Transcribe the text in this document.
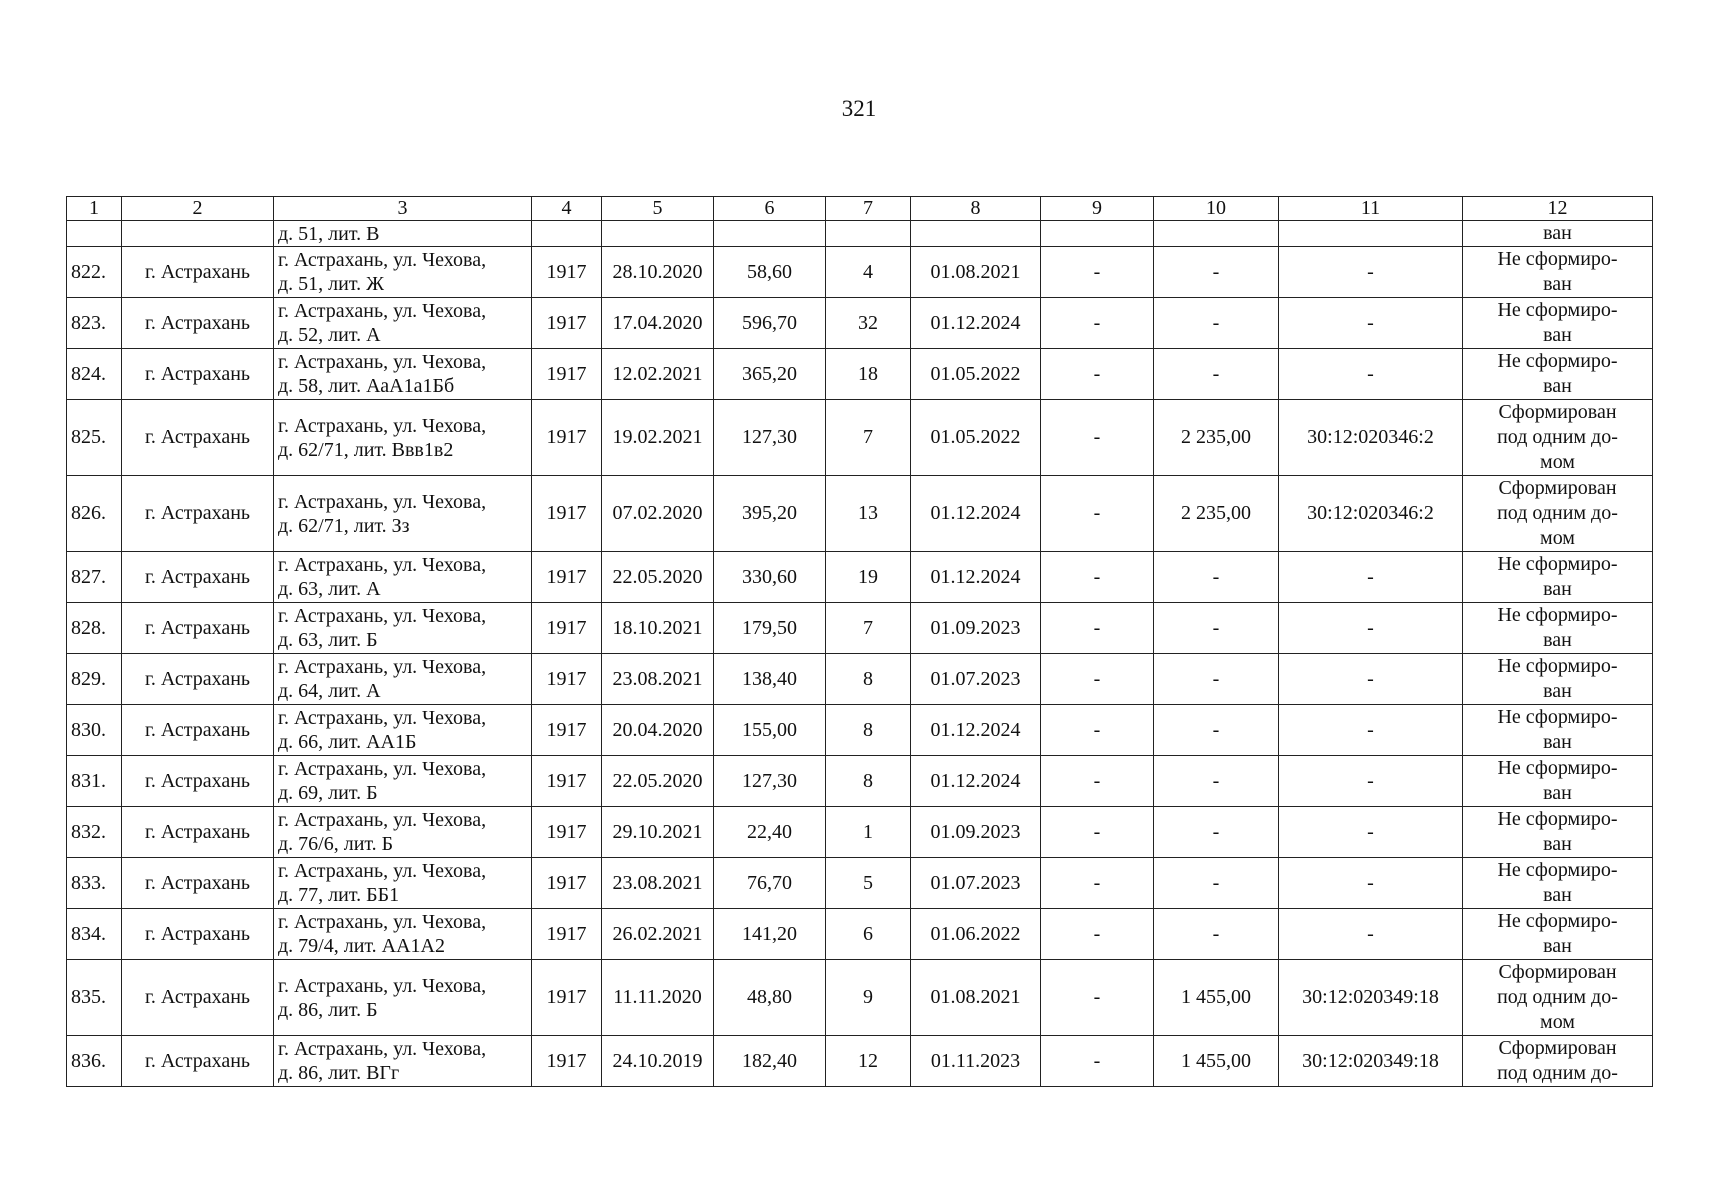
321
1	2	3	4	5	6	7	8	9	10	11	12
		д. 51, лит. В									ван
822.	г. Астрахань	г. Астрахань, ул. Чехова,
д. 51, лит. Ж	1917	28.10.2020	58,60	4	01.08.2021	-	-	-	Не сформиро-
ван

823.	г. Астрахань	г. Астрахань, ул. Чехова,
д. 52, лит. А	1917	17.04.2020	596,70	32	01.12.2024	-	-	-	Не сформиро-
ван

824.	г. Астрахань	г. Астрахань, ул. Чехова,
д. 58, лит. АаА1а1Бб	1917	12.02.2021	365,20	18	01.05.2022	-	-	-	Не сформиро-
ван

825.	г. Астрахань	г. Астрахань, ул. Чехова,
д. 62/71, лит. Ввв1в2	1917	19.02.2021	127,30	7	01.05.2022	-	2 235,00	30:12:020346:2	Сформирован
под одним до-
мом

826.	г. Астрахань	г. Астрахань, ул. Чехова,
д. 62/71, лит. Зз	1917	07.02.2020	395,20	13	01.12.2024	-	2 235,00	30:12:020346:2	Сформирован
под одним до-
мом

827.	г. Астрахань	г. Астрахань, ул. Чехова,
д. 63, лит. А	1917	22.05.2020	330,60	19	01.12.2024	-	-	-	Не сформиро-
ван

828.	г. Астрахань	г. Астрахань, ул. Чехова,
д. 63, лит. Б	1917	18.10.2021	179,50	7	01.09.2023	-	-	-	Не сформиро-
ван

829.	г. Астрахань	г. Астрахань, ул. Чехова,
д. 64, лит. А	1917	23.08.2021	138,40	8	01.07.2023	-	-	-	Не сформиро-
ван

830.	г. Астрахань	г. Астрахань, ул. Чехова,
д. 66, лит. АА1Б	1917	20.04.2020	155,00	8	01.12.2024	-	-	-	Не сформиро-
ван

831.	г. Астрахань	г. Астрахань, ул. Чехова,
д. 69, лит. Б	1917	22.05.2020	127,30	8	01.12.2024	-	-	-	Не сформиро-
ван

832.	г. Астрахань	г. Астрахань, ул. Чехова,
д. 76/6, лит. Б	1917	29.10.2021	22,40	1	01.09.2023	-	-	-	Не сформиро-
ван

833.	г. Астрахань	г. Астрахань, ул. Чехова,
д. 77, лит. ББ1	1917	23.08.2021	76,70	5	01.07.2023	-	-	-	Не сформиро-
ван

834.	г. Астрахань	г. Астрахань, ул. Чехова,
д. 79/4, лит. АА1А2	1917	26.02.2021	141,20	6	01.06.2022	-	-	-	Не сформиро-
ван

835.	г. Астрахань	г. Астрахань, ул. Чехова,
д. 86, лит. Б	1917	11.11.2020	48,80	9	01.08.2021	-	1 455,00	30:12:020349:18	Сформирован
под одним до-
мом

836.	г. Астрахань	г. Астрахань, ул. Чехова,
д. 86, лит. ВГг	1917	24.10.2019	182,40	12	01.11.2023	-	1 455,00	30:12:020349:18	Сформирован
под одним до-
